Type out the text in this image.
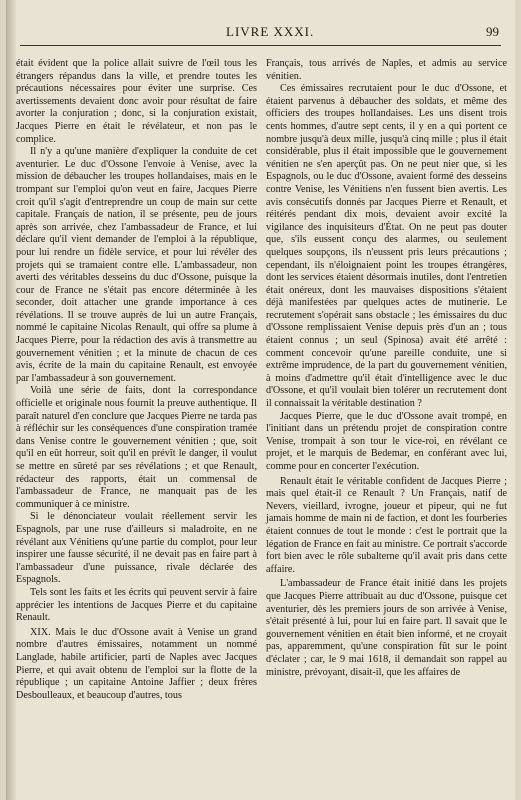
LIVRE XXXI.	99

était évident que la police allait suivre de l'œil tous les étrangers répandus dans la ville, et prendre toutes les précautions nécessaires pour éviter une surprise. Ces avertissements devaient donc avoir pour résultat de faire avorter la conjuration ; donc, si la conjuration existait, Jacques Pierre en était le révélateur, et non pas le complice.

Il n'y a qu'une manière d'expliquer la conduite de cet aventurier. Le duc d'Ossone l'envoie à Venise, avec la mission de débaucher les troupes hollandaises, mais en le trompant sur l'emploi qu'on veut en faire, Jacques Pierre croit qu'il s'agit d'entreprendre un coup de main sur cette capitale. Français de nation, il se présente, peu de jours après son arrivée, chez l'ambassadeur de France, et lui déclare qu'il vient demander de l'emploi à la république, pour lui rendre un fidèle service, et pour lui révéler des projets qui se tramaient contre elle. L'ambassadeur, non averti des véritables desseins du duc d'Ossone, puisque la cour de France ne s'était pas encore déterminée à les seconder, doit attacher une grande importance à ces révélations. Il se trouve auprès de lui un autre Français, nommé le capitaine Nicolas Renault, qui offre sa plume à Jacques Pierre, pour la rédaction des avis à transmettre au gouvernement vénitien ; et la minute de chacun de ces avis, écrite de la main du capitaine Renault, est envoyée par l'ambassadeur à son gouvernement.

Voilà une série de faits, dont la correspondance officielle et originale nous fournit la preuve authentique. Il paraît naturel d'en conclure que Jacques Pierre ne tarda pas à réfléchir sur les conséquences d'une conspiration tramée dans Venise contre le gouvernement vénitien ; que, soit qu'il en eût horreur, soit qu'il en prévît le danger, il voulut se mettre en sûreté par ses révélations ; et que Renault, rédacteur des rapports, était un commensal de l'ambassadeur de France, ne manquait pas de les communiquer à ce ministre.

Si le dénonciateur voulait réellement servir les Espagnols, par une ruse d'ailleurs si maladroite, en ne révélant aux Vénitiens qu'une partie du complot, pour leur inspirer une fausse sécurité, il ne devait pas en faire part à l'ambassadeur d'une puissance, rivale déclarée des Espagnols.

Tels sont les faits et les écrits qui peuvent servir à faire apprécier les intentions de Jacques Pierre et du capitaine Renault.

XIX. Mais le duc d'Ossone avait à Venise un grand nombre d'autres émissaires, notamment un nommé Langlade, habile artificier, parti de Naples avec Jacques Pierre, et qui avait obtenu de l'emploi sur la flotte de la république ; un capitaine Antoine Jaffier ; deux frères Desboulleaux, et beaucoup d'autres, tous

Français, tous arrivés de Naples, et admis au service vénitien.

Ces émissaires recrutaient pour le duc d'Ossone, et étaient parvenus à débaucher des soldats, et même des officiers des troupes hollandaises. Les uns disent trois cents hommes, d'autre sept cents, il y en a qui portent ce nombre jusqu'à deux mille, jusqu'à cinq mille ; plus il était considérable, plus il était impossible que le gouvernement vénitien ne s'en aperçût pas. On ne peut nier que, si les Espagnols, ou le duc d'Ossone, avaient formé des desseins contre Venise, les Vénitiens n'en fussent bien avertis. Les avis consécutifs donnés par Jacques Pierre et Renault, et réitérés pendant dix mois, devaient avoir excité la vigilance des inquisiteurs d'État. On ne peut pas douter que, s'ils eussent conçu des alarmes, ou seulement quelques soupçons, ils n'eussent pris leurs précautions ; cependant, ils n'éloignaient point les troupes étrangères, dont les services étaient désormais inutiles, dont l'entretien était onéreux, dont les mauvaises dispositions s'étaient déjà manifestées par quelques actes de mutinerie. Le recrutement s'opérait sans obstacle ; les émissaires du duc d'Ossone remplissaient Venise depuis près d'un an ; tous étaient connus ; un seul (Spinosa) avait été arrêté : comment concevoir qu'une pareille conduite, une si extrême imprudence, de la part du gouvernement vénitien, à moins d'admettre qu'il était d'intelligence avec le duc d'Ossone, et qu'il voulait bien tolérer un recrutement dont il connaissait la véritable destination ?

Jacques Pierre, que le duc d'Ossone avait trompé, en l'initiant dans un prétendu projet de conspiration contre Venise, trompait à son tour le vice-roi, en révélant ce projet, et le marquis de Bedemar, en conférant avec lui, comme pour en concerter l'exécution.

Renault était le véritable confident de Jacques Pierre ; mais quel était-il ce Renault ? Un Français, natif de Nevers, vieillard, ivrogne, joueur et pipeur, qui ne fut jamais homme de main ni de faction, et dont les fourberies étaient connues de tout le monde : c'est le portrait que la légation de France en fait au ministre. Ce portrait s'accorde fort bien avec le rôle subalterne qu'il avait pris dans cette affaire.

L'ambassadeur de France était initié dans les projets que Jacques Pierre attribuait au duc d'Ossone, puisque cet aventurier, dès les premiers jours de son arrivée à Venise, s'était présenté à lui, pour lui en faire part. Il savait que le gouvernement vénitien en était bien informé, et ne croyait pas, apparemment, qu'une conspiration fût sur le point d'éclater ; car, le 9 mai 1618, il demandait son rappel au ministre, prévoyant, disait-il, que les affaires de
